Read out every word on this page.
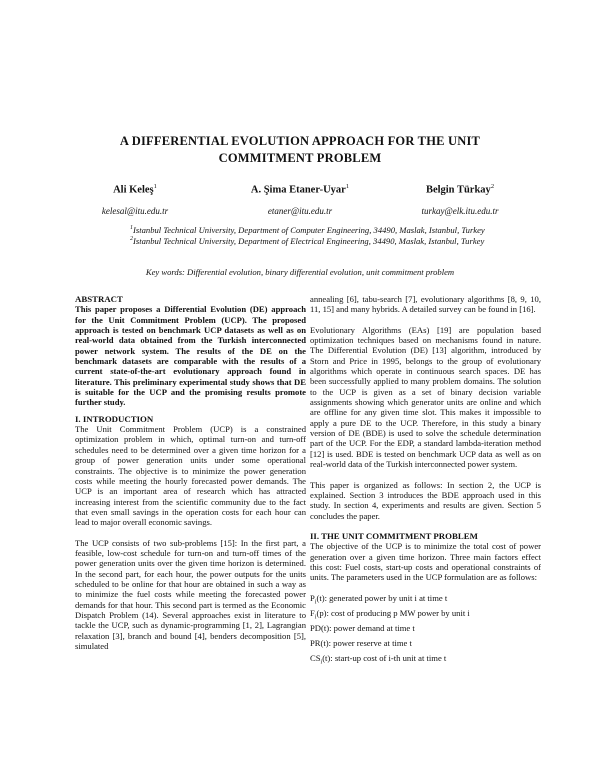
A DIFFERENTIAL EVOLUTION APPROACH FOR THE UNIT COMMITMENT PROBLEM
Ali Keleş$^1$	A. Şima Etaner-Uyar$^1$	Belgin Türkay$^2$
kelesal@itu.edu.tr	etaner@itu.edu.tr	turkay@elk.itu.edu.tr
$^1$Istanbul Technical University, Department of Computer Engineering, 34490, Maslak, Istanbul, Turkey
$^2$Istanbul Technical University, Department of Electrical Engineering, 34490, Maslak, Istanbul, Turkey
Key words: Differential evolution, binary differential evolution, unit commitment problem

ABSTRACT

This paper proposes a Differential Evolution (DE) approach for the Unit Commitment Problem (UCP). The proposed approach is tested on benchmark UCP datasets as well as on real-world data obtained from the Turkish interconnected power network system. The results of the DE on the benchmark datasets are comparable with the results of a current state-of-the-art evolutionary approach found in literature. This preliminary experimental study shows that DE is suitable for the UCP and the promising results promote further study.

I. INTRODUCTION

The Unit Commitment Problem (UCP) is a constrained optimization problem in which, optimal turn-on and turn-off schedules need to be determined over a given time horizon for a group of power generation units under some operational constraints. The objective is to minimize the power generation costs while meeting the hourly forecasted power demands. The UCP is an important area of research which has attracted increasing interest from the scientific community due to the fact that even small savings in the operation costs for each hour can lead to major overall economic savings.

The UCP consists of two sub-problems [15]: In the first part, a feasible, low-cost schedule for turn-on and turn-off times of the power generation units over the given time horizon is determined. In the second part, for each hour, the power outputs for the units scheduled to be online for that hour are obtained in such a way as to minimize the fuel costs while meeting the forecasted power demands for that hour. This second part is termed as the Economic Dispatch Problem (14). Several approaches exist in literature to tackle the UCP, such as dynamic-programming [1, 2], Lagrangian relaxation [3], branch and bound [4], benders decomposition [5], simulated

annealing [6], tabu-search [7], evolutionary algorithms [8, 9, 10, 11, 15] and many hybrids. A detailed survey can be found in [16].

Evolutionary Algorithms (EAs) [19] are population based optimization techniques based on mechanisms found in nature. The Differential Evolution (DE) [13] algorithm, introduced by Storn and Price in 1995, belongs to the group of evolutionary algorithms which operate in continuous search spaces. DE has been successfully applied to many problem domains. The solution to the UCP is given as a set of binary decision variable assignments showing which generator units are online and which are offline for any given time slot. This makes it impossible to apply a pure DE to the UCP. Therefore, in this study a binary version of DE (BDE) is used to solve the schedule determination part of the UCP. For the EDP, a standard lambda-iteration method [12] is used. BDE is tested on benchmark UCP data as well as on real-world data of the Turkish interconnected power system.

This paper is organized as follows: In section 2, the UCP is explained. Section 3 introduces the BDE approach used in this study. In section 4, experiments and results are given. Section 5 concludes the paper.

II. THE UNIT COMMITMENT PROBLEM

The objective of the UCP is to minimize the total cost of power generation over a given time horizon. Three main factors effect this cost: Fuel costs, start-up costs and operational constraints of units. The parameters used in the UCP formulation are as follows:

$P_i(t)$: generated power by unit i at time t

$F_i(p)$: cost of producing p MW power by unit i

PD(t): power demand at time t

PR(t): power reserve at time t

$CS_i(t)$: start-up cost of i-th unit at time t
